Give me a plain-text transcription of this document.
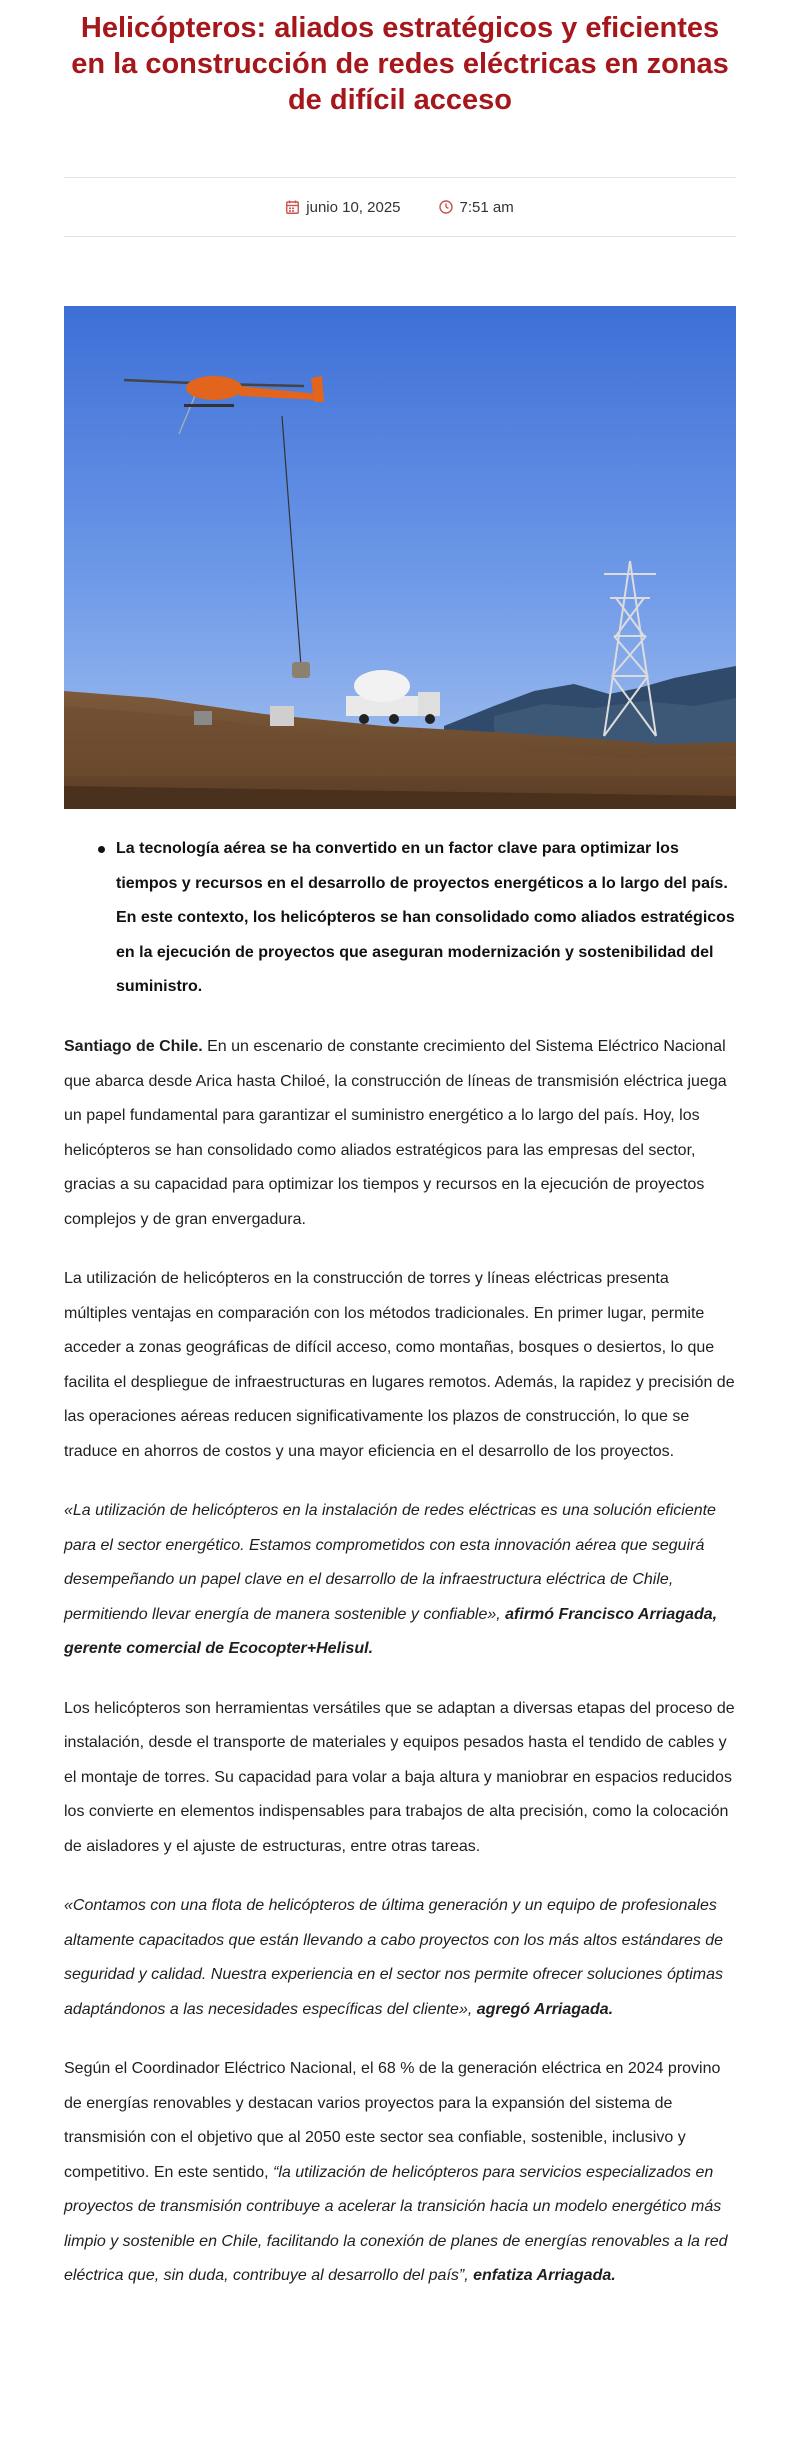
Helicópteros: aliados estratégicos y eficientes en la construcción de redes eléctricas en zonas de difícil acceso
junio 10, 2025	7:51 am
La tecnología aérea se ha convertido en un factor clave para optimizar los tiempos y recursos en el desarrollo de proyectos energéticos a lo largo del país. En este contexto, los helicópteros se han consolidado como aliados estratégicos en la ejecución de proyectos que aseguran modernización y sostenibilidad del suministro.

Santiago de Chile. En un escenario de constante crecimiento del Sistema Eléctrico Nacional que abarca desde Arica hasta Chiloé, la construcción de líneas de transmisión eléctrica juega un papel fundamental para garantizar el suministro energético a lo largo del país. Hoy, los helicópteros se han consolidado como aliados estratégicos para las empresas del sector, gracias a su capacidad para optimizar los tiempos y recursos en la ejecución de proyectos complejos y de gran envergadura.

La utilización de helicópteros en la construcción de torres y líneas eléctricas presenta múltiples ventajas en comparación con los métodos tradicionales. En primer lugar, permite acceder a zonas geográficas de difícil acceso, como montañas, bosques o desiertos, lo que facilita el despliegue de infraestructuras en lugares remotos. Además, la rapidez y precisión de las operaciones aéreas reducen significativamente los plazos de construcción, lo que se traduce en ahorros de costos y una mayor eficiencia en el desarrollo de los proyectos.

«La utilización de helicópteros en la instalación de redes eléctricas es una solución eficiente para el sector energético. Estamos comprometidos con esta innovación aérea que seguirá desempeñando un papel clave en el desarrollo de la infraestructura eléctrica de Chile, permitiendo llevar energía de manera sostenible y confiable», afirmó Francisco Arriagada, gerente comercial de Ecocopter+Helisul.

Los helicópteros son herramientas versátiles que se adaptan a diversas etapas del proceso de instalación, desde el transporte de materiales y equipos pesados hasta el tendido de cables y el montaje de torres. Su capacidad para volar a baja altura y maniobrar en espacios reducidos los convierte en elementos indispensables para trabajos de alta precisión, como la colocación de aisladores y el ajuste de estructuras, entre otras tareas.

«Contamos con una flota de helicópteros de última generación y un equipo de profesionales altamente capacitados que están llevando a cabo proyectos con los más altos estándares de seguridad y calidad. Nuestra experiencia en el sector nos permite ofrecer soluciones óptimas adaptándonos a las necesidades específicas del cliente», agregó Arriagada.

Según el Coordinador Eléctrico Nacional, el 68 % de la generación eléctrica en 2024 provino de energías renovables y destacan varios proyectos para la expansión del sistema de transmisión con el objetivo que al 2050 este sector sea confiable, sostenible, inclusivo y competitivo. En este sentido, “la utilización de helicópteros para servicios especializados en proyectos de transmisión contribuye a acelerar la transición hacia un modelo energético más limpio y sostenible en Chile, facilitando la conexión de planes de energías renovables a la red eléctrica que, sin duda, contribuye al desarrollo del país”, enfatiza Arriagada.
